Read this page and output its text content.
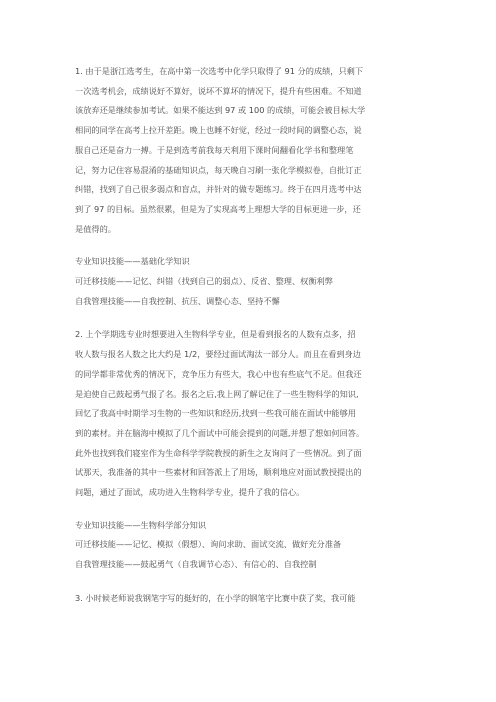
1. 由于是浙江选考生，在高中第一次选考中化学只取得了 91 分的成绩，只剩下
一次选考机会，成绩说好不算好，说坏不算坏的情况下，提升有些困难。不知道
该放弃还是继续参加考试。如果不能达到 97 或 100 的成绩，可能会被目标大学
相同的同学在高考上拉开差距。晚上也睡不好觉，经过一段时间的调整心态，说
服自己还是奋力一搏。于是到选考前我每天利用下课时间翻看化学书和整理笔
记，努力记住容易混淆的基础知识点，每天晚自习刷一张化学模拟卷，自批订正
纠错，找到了自己很多弱点和盲点，并针对的做专题练习。终于在四月选考中达
到了 97 的目标。虽然很累，但是为了实现高考上理想大学的目标更进一步，还
是值得的。

专业知识技能——基础化学知识
可迁移技能——记忆、纠错（找到自己的弱点）、反省、整理、权衡利弊
自我管理技能——自我控制、抗压、调整心态、坚持不懈

2. 上个学期选专业时想要进入生物科学专业，但是看到报名的人数有点多，招
收人数与报名人数之比大约是 1/2，要经过面试淘汰一部分人。而且在看到身边
的同学都非常优秀的情况下，竞争压力有些大，我心中也有些底气不足。但我还
是迫使自己鼓起勇气报了名。报名之后,我上网了解记住了一些生物科学的知识,
回忆了我高中时期学习生物的一些知识和经历,找到一些我可能在面试中能够用
到的素材。并在脑海中模拟了几个面试中可能会提到的问题,并想了想如何回答。
此外也找到我们寝室作为生命科学学院教授的新生之友询问了一些情况。到了面
试那天，我准备的其中一些素材和回答派上了用场，顺利地应对面试教授提出的
问题，通过了面试，成功进入生物科学专业，提升了我的信心。

专业知识技能——生物科学部分知识
可迁移技能——记忆、模拟（假想）、询问求助、面试交流、做好充分准备
自我管理技能——鼓起勇气（自我调节心态）、有信心的、自我控制

3. 小时候老师说我钢笔字写的挺好的，在小学的钢笔字比赛中获了奖，我可能
